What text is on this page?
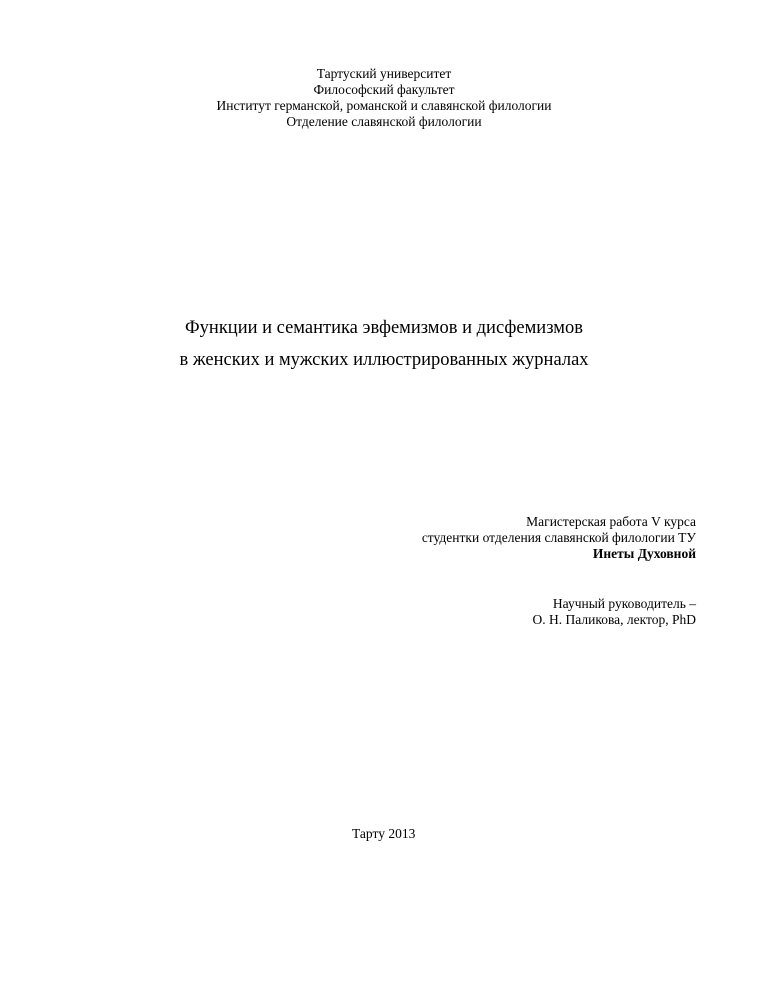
Тартуский университет
Философский факультет
Институт германской, романской и славянской филологии
Отделение славянской филологии
Функции и семантика эвфемизмов и дисфемизмов
в женских и мужских иллюстрированных журналах
Магистерская работа V курса
студентки отделения славянской филологии ТУ
Инеты Духовной
Научный руководитель –
О. Н. Паликова, лектор, PhD
Тарту 2013
